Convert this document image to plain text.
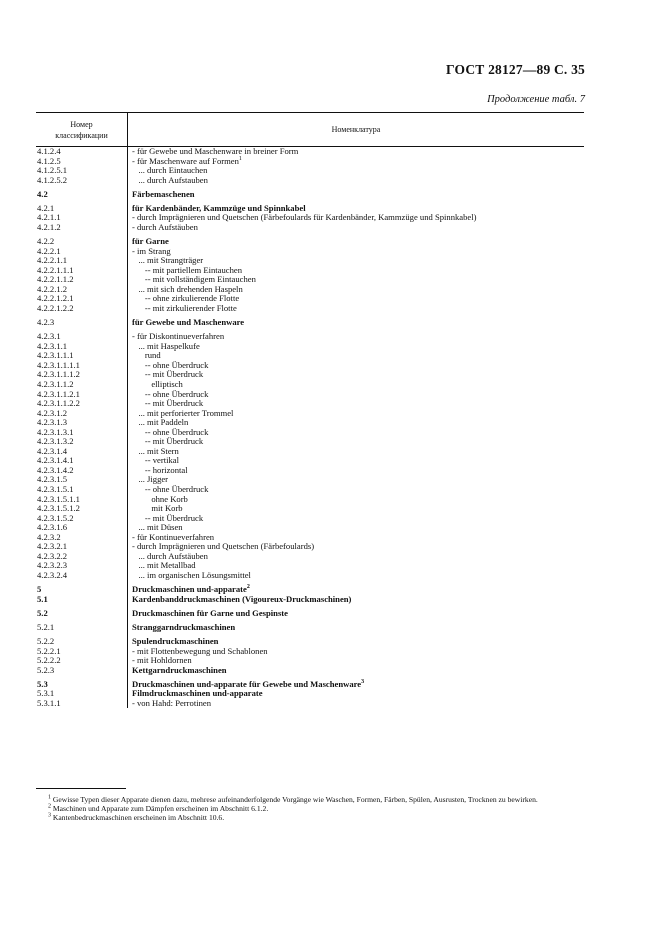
ГОСТ 28127—89 С. 35
Продолжение табл. 7
Номер
классификации
Номенклатура
4.1.2.4	- für Gewebe und Maschenware in breiner Form
4.1.2.5	- für Maschenware auf Formen$^1$
4.1.2.5.1	... durch Eintauchen
4.1.2.5.2	... durch Aufstauben
4.2	Färbemaschenen
4.2.1	für Kardenbänder, Kammzüge und Spinnkabel
4.2.1.1	- durch Imprägnieren und Quetschen (Färbefoulards für Kardenbänder, Kammzüge und Spinnkabel)
4.2.1.2	- durch Aufstäuben
4.2.2	für Garne
4.2.2.1	- im Strang
4.2.2.1.1	... mit Strangträger
4.2.2.1.1.1	-- mit partiellem Eintauchen
4.2.2.1.1.2	-- mit vollständigem Eintauchen
4.2.2.1.2	... mit sich drehenden Haspeln
4.2.2.1.2.1	-- ohne zirkulierende Flotte
4.2.2.1.2.2	-- mit zirkulierender Flotte
4.2.3	für Gewebe und Maschenware
4.2.3.1	- für Diskontinueverfahren
4.2.3.1.1	... mit Haspelkufe
4.2.3.1.1.1	rund
4.2.3.1.1.1.1	-- ohne Überdruck
4.2.3.1.1.1.2	-- mit Überdruck
4.2.3.1.1.2	elliptisch
4.2.3.1.1.2.1	-- ohne Überdruck
4.2.3.1.1.2.2	-- mit Überdruck
4.2.3.1.2	... mit perforierter Trommel
4.2.3.1.3	... mit Paddeln
4.2.3.1.3.1	-- ohne Überdruck
4.2.3.1.3.2	-- mit Überdruck
4.2.3.1.4	... mit Stern
4.2.3.1.4.1	-- vertikal
4.2.3.1.4.2	-- horizontal
4.2.3.1.5	... Jigger
4.2.3.1.5.1	-- ohne Überdruck
4.2.3.1.5.1.1	ohne Korb
4.2.3.1.5.1.2	mit Korb
4.2.3.1.5.2	-- mit Überdruck
4.2.3.1.6	... mit Düsen
4.2.3.2	- für Kontinueverfahren
4.2.3.2.1	- durch Imprägnieren und Quetschen (Färbefoulards)
4.2.3.2.2	... durch Aufstäuben
4.2.3.2.3	... mit Metallbad
4.2.3.2.4	... im organischen Lösungsmittel
5	Druckmaschinen und-apparate$^2$
5.1	Kardenbanddruckmaschinen (Vigoureux-Druckmaschinen)
5.2	Druckmaschinen für Garne und Gespinste
5.2.1	Stranggarndruckmaschinen
5.2.2	Spulendruckmaschinen
5.2.2.1	- mit Flottenbewegung und Schablonen
5.2.2.2	- mit Hohldornen
5.2.3	Kettgarndruckmaschinen
5.3	Druckmaschinen und-apparate für Gewebe und Maschenware$^3$
5.3.1	Filmdruckmaschinen und-apparate
5.3.1.1	- von Hahd: Perrotinen
$^1$ Gewisse Typen dieser Apparate dienen dazu, mehrese aufeinanderfolgende Vorgänge wie Waschen, Formen, Färben, Spülen, Ausrusten, Trocknen zu bewirken.
$^2$ Maschinen und Apparate zum Dämpfen erscheinen im Abschnitt 6.1.2.
$^3$ Kantenbedruckmaschinen erscheinen im Abschnitt 10.6.
